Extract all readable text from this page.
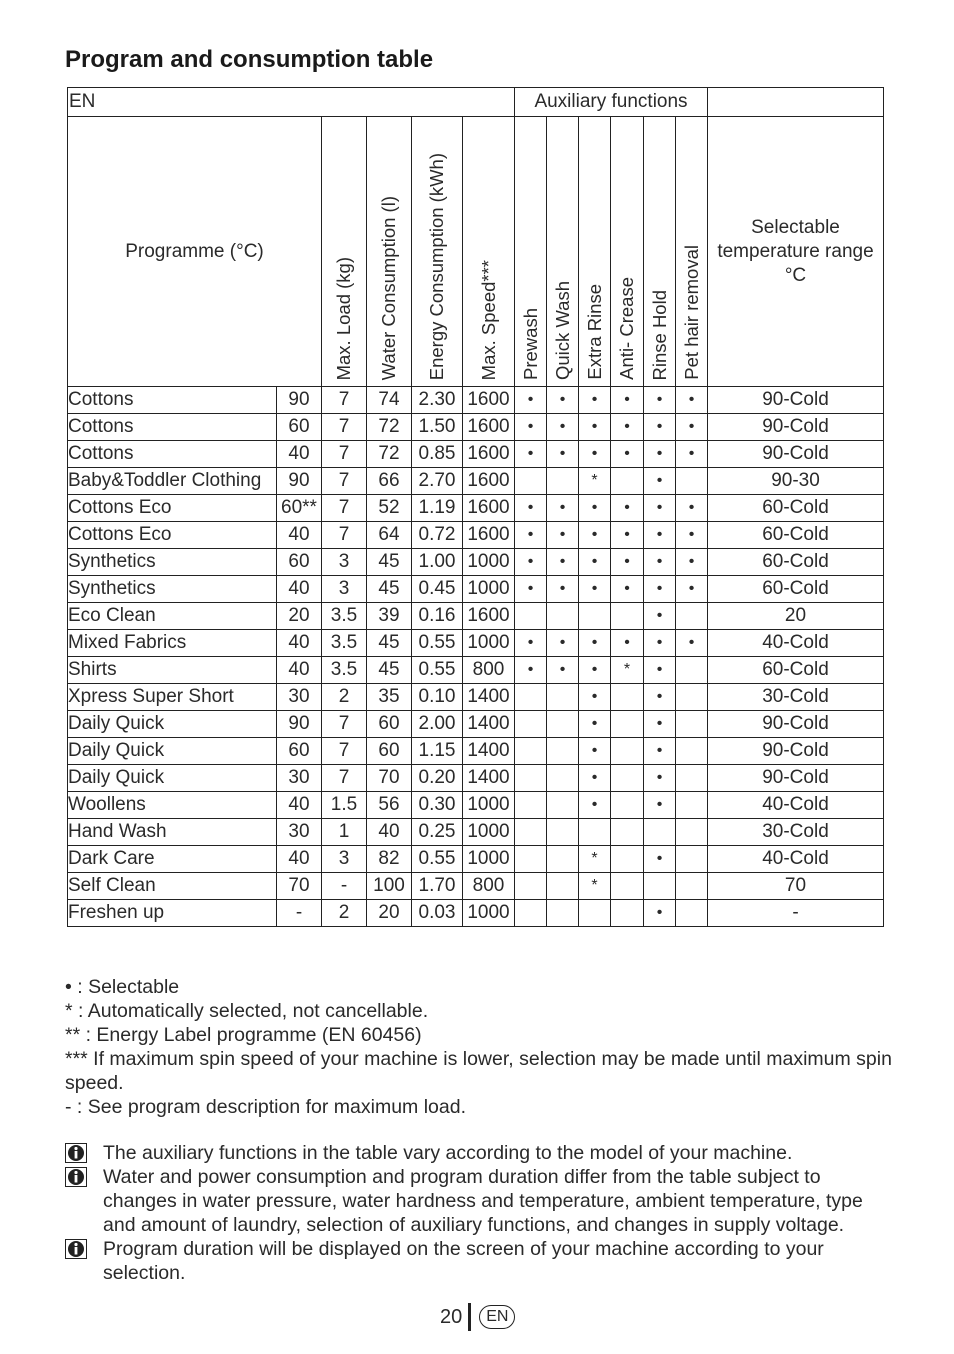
Program and consumption table
EN						Auxiliary functions						
Programme (°C)		Max. Load (kg)	Water Consumption (l)	Energy Consumption (kWh)	Max. Speed***	Prewash	Quick Wash	Extra Rinse	Anti- Crease	Rinse Hold	Pet hair removal	Selectable
temperature range
°C

Cottons	90	7	74	2.30	1600	•	•	•	•	•	•	90-Cold
Cottons	60	7	72	1.50	1600	•	•	•	•	•	•	90-Cold
Cottons	40	7	72	0.85	1600	•	•	•	•	•	•	90-Cold
Baby&Toddler Clothing	90	7	66	2.70	1600			*		•		90-30
Cottons Eco	60**	7	52	1.19	1600	•	•	•	•	•	•	60-Cold
Cottons Eco	40	7	64	0.72	1600	•	•	•	•	•	•	60-Cold
Synthetics	60	3	45	1.00	1000	•	•	•	•	•	•	60-Cold
Synthetics	40	3	45	0.45	1000	•	•	•	•	•	•	60-Cold
Eco Clean	20	3.5	39	0.16	1600					•		20
Mixed Fabrics	40	3.5	45	0.55	1000	•	•	•	•	•	•	40-Cold
Shirts	40	3.5	45	0.55	800	•	•	•	*	•		60-Cold
Xpress Super Short	30	2	35	0.10	1400			•		•		30-Cold
Daily Quick	90	7	60	2.00	1400			•		•		90-Cold
Daily Quick	60	7	60	1.15	1400			•		•		90-Cold
Daily Quick	30	7	70	0.20	1400			•		•		90-Cold
Woollens	40	1.5	56	0.30	1000			•		•		40-Cold
Hand Wash	30	1	40	0.25	1000							30-Cold
Dark Care	40	3	82	0.55	1000			*		•		40-Cold
Self Clean	70	-	100	1.70	800			*				70
Freshen up	-	2	20	0.03	1000					•		-
• : Selectable
* : Automatically selected, not cancellable.
** : Energy Label programme (EN 60456)
*** If maximum spin speed of your machine is lower, selection may be made until maximum spin speed.
- : See program description for maximum load.
The auxiliary functions in the table vary according to the model of your machine.
Water and power consumption and program duration differ from the table subject to changes in water pressure, water hardness and temperature, ambient temperature, type and amount of laundry, selection of auxiliary functions, and changes in supply voltage.
Program duration will be displayed on the screen of your machine according to your selection.
20	EN
